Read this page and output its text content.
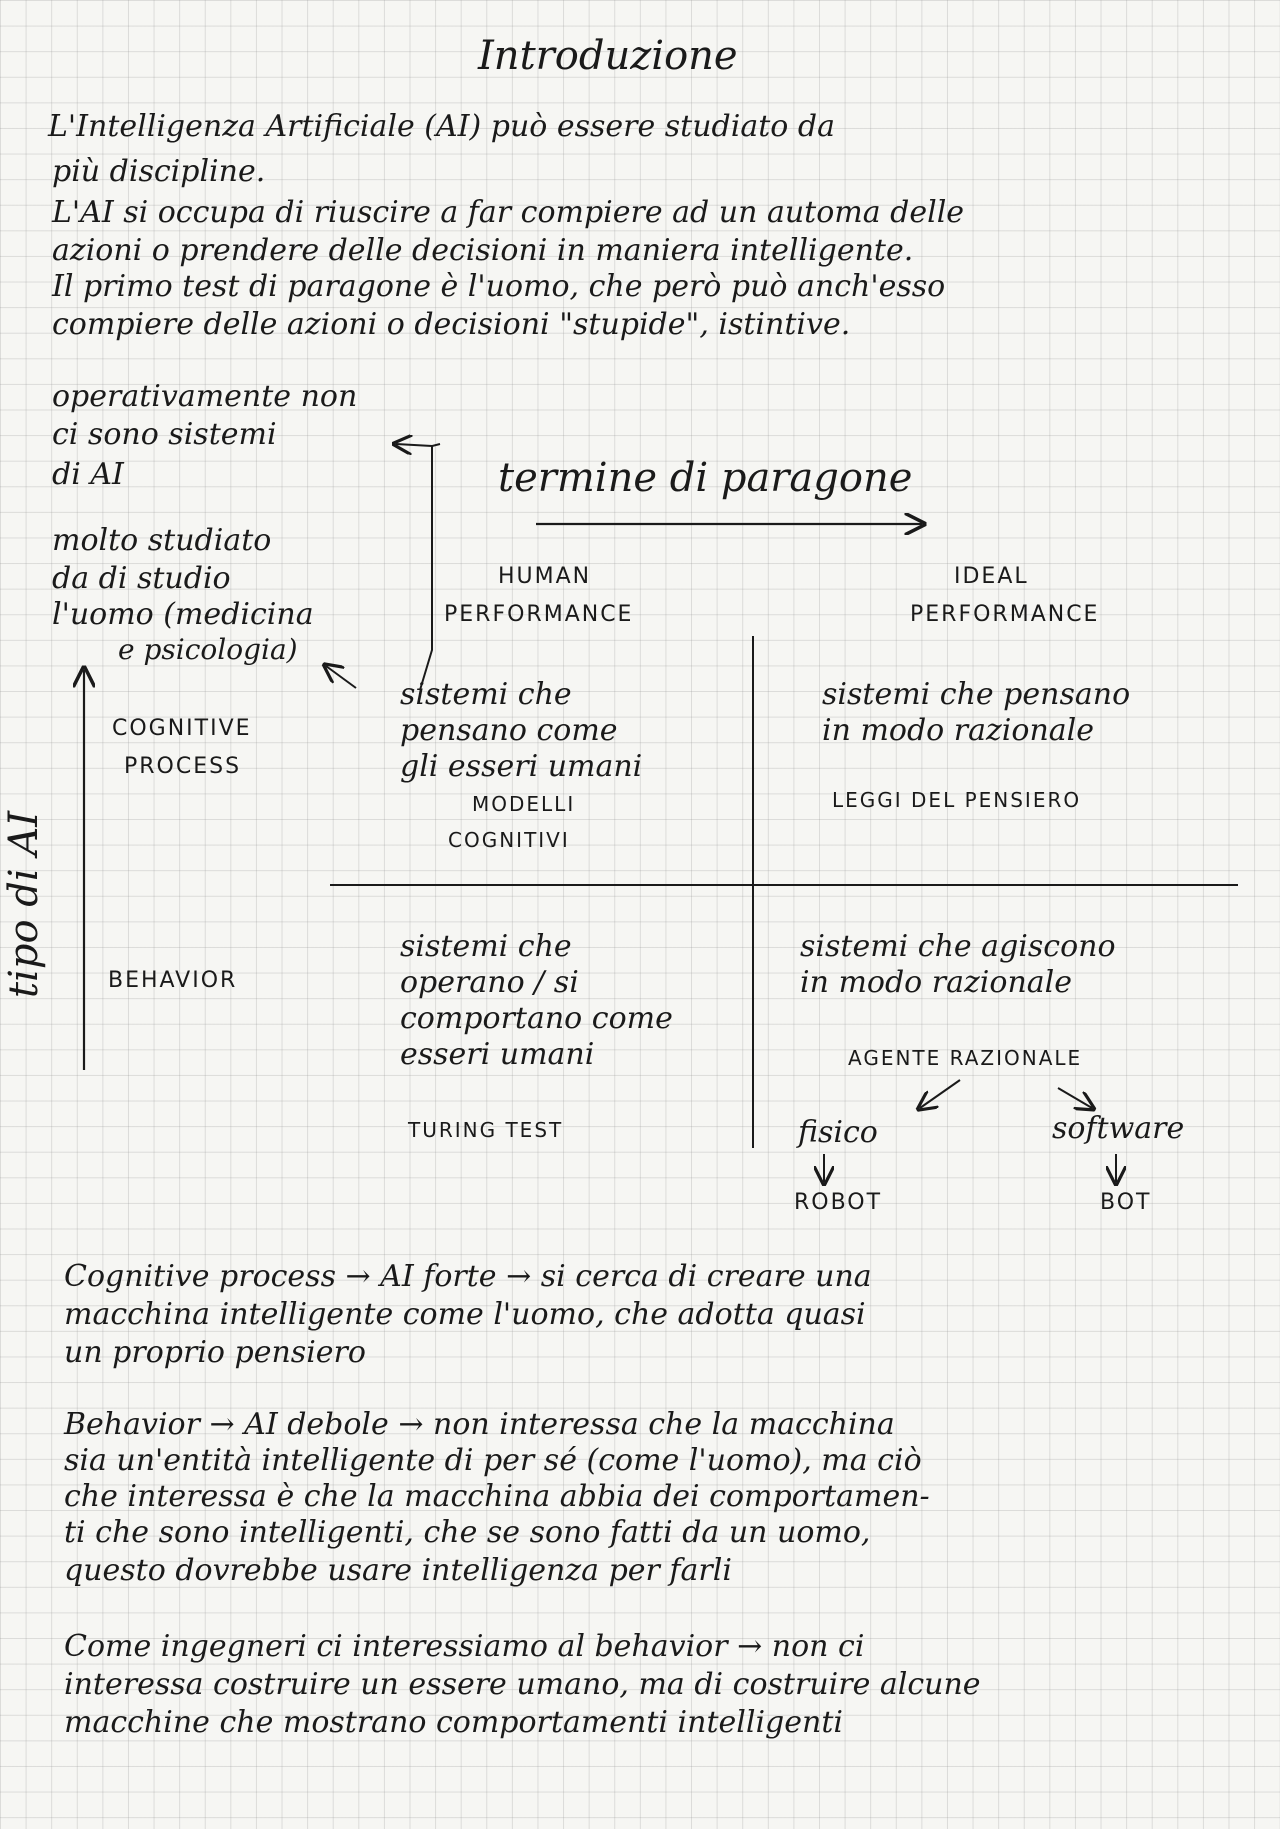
Introduzione
L'Intelligenza Artificiale (AI) può essere studiato da
più discipline.
L'AI si occupa di riuscire a far compiere ad un automa delle
azioni o prendere delle decisioni in maniera intelligente.
Il primo test di paragone è l'uomo, che però può anch'esso
compiere delle azioni o decisioni "stupide", istintive.
operativamente non
ci sono sistemi
di AI
molto studiato
da di studio
l'uomo (medicina
e psicologia)
termine di paragone
tipo di AI
HUMAN
PERFORMANCE
IDEAL
PERFORMANCE
COGNITIVE
PROCESS
BEHAVIOR
sistemi che
pensano come
gli esseri umani
MODELLI
COGNITIVI
sistemi che pensano
in modo razionale
LEGGI DEL PENSIERO
sistemi che
operano / si
comportano come
esseri umani
TURING TEST
sistemi che agiscono
in modo razionale
AGENTE RAZIONALE
fisico	software
ROBOT	BOT
Cognitive process → AI forte → si cerca di creare una
macchina intelligente come l'uomo, che adotta quasi
un proprio pensiero
Behavior → AI debole → non interessa che la macchina
sia un'entità intelligente di per sé (come l'uomo), ma ciò
che interessa è che la macchina abbia dei comportamen-
ti che sono intelligenti, che se sono fatti da un uomo,
questo dovrebbe usare intelligenza per farli
Come ingegneri ci interessiamo al behavior → non ci
interessa costruire un essere umano, ma di costruire alcune
macchine che mostrano comportamenti intelligenti
